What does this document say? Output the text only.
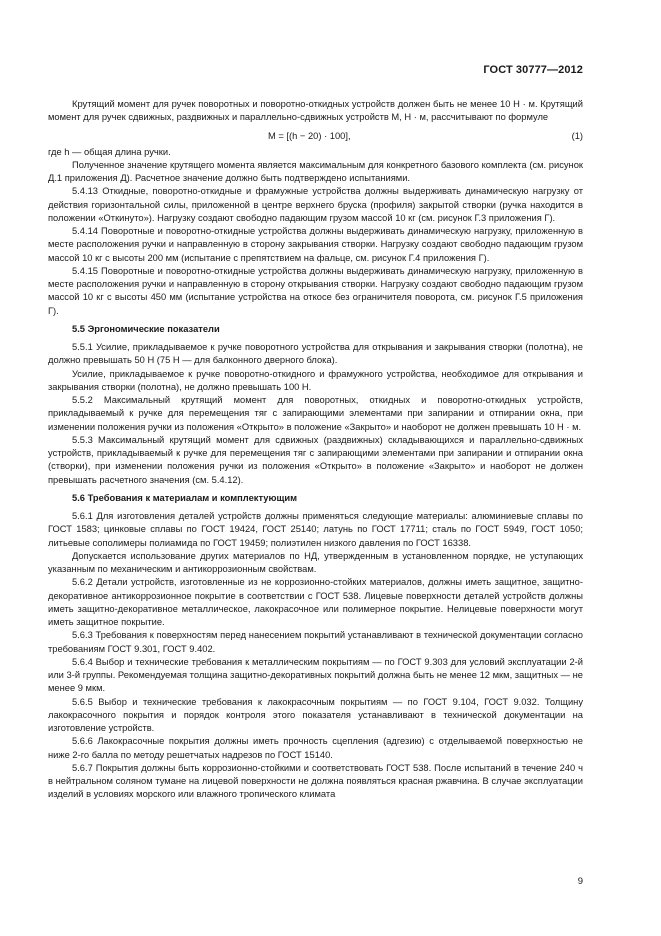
ГОСТ 30777—2012

Крутящий момент для ручек поворотных и поворотно-откидных устройств должен быть не менее 10 Н · м. Крутящий момент для ручек сдвижных, раздвижных и параллельно-сдвижных устройств М, Н · м, рассчитывают по формуле

М = [(h − 20) · 100],	(1)

где h — общая длина ручки.

Полученное значение крутящего момента является максимальным для конкретного базового комплекта (см. рисунок Д.1 приложения Д). Расчетное значение должно быть подтверждено испытаниями.

5.4.13 Откидные, поворотно-откидные и фрамужные устройства должны выдерживать динамическую нагрузку от действия горизонтальной силы, приложенной в центре верхнего бруска (профиля) закрытой створки (ручка находится в положении «Откинуто»). Нагрузку создают свободно падающим грузом массой 10 кг (см. рисунок Г.3 приложения Г).

5.4.14 Поворотные и поворотно-откидные устройства должны выдерживать динамическую нагрузку, приложенную в месте расположения ручки и направленную в сторону закрывания створки. Нагрузку создают свободно падающим грузом массой 10 кг с высоты 200 мм (испытание с препятствием на фальце, см. рисунок Г.4 приложения Г).

5.4.15 Поворотные и поворотно-откидные устройства должны выдерживать динамическую нагрузку, приложенную в месте расположения ручки и направленную в сторону открывания створки. Нагрузку создают свободно падающим грузом массой 10 кг с высоты 450 мм (испытание устройства на откосе без ограничителя поворота, см. рисунок Г.5 приложения Г).

5.5 Эргономические показатели

5.5.1 Усилие, прикладываемое к ручке поворотного устройства для открывания и закрывания створки (полотна), не должно превышать 50 Н (75 Н — для балконного дверного блока).

Усилие, прикладываемое к ручке поворотно-откидного и фрамужного устройства, необходимое для открывания и закрывания створки (полотна), не должно превышать 100 Н.

5.5.2 Максимальный крутящий момент для поворотных, откидных и поворотно-откидных устройств, прикладываемый к ручке для перемещения тяг с запирающими элементами при запирании и отпирании окна, при изменении положения ручки из положения «Открыто» в положение «Закрыто» и наоборот не должен превышать 10 Н · м.

5.5.3 Максимальный крутящий момент для сдвижных (раздвижных) складывающихся и параллельно-сдвижных устройств, прикладываемый к ручке для перемещения тяг с запирающими элементами при запирании и отпирании окна (створки), при изменении положения ручки из положения «Открыто» в положение «Закрыто» и наоборот не должен превышать расчетного значения (см. 5.4.12).

5.6 Требования к материалам и комплектующим

5.6.1 Для изготовления деталей устройств должны применяться следующие материалы: алюминиевые сплавы по ГОСТ 1583; цинковые сплавы по ГОСТ 19424, ГОСТ 25140; латунь по ГОСТ 17711; сталь по ГОСТ 5949, ГОСТ 1050; литьевые сополимеры полиамида по ГОСТ 19459; полиэтилен низкого давления по ГОСТ 16338.

Допускается использование других материалов по НД, утвержденным в установленном порядке, не уступающих указанным по механическим и антикоррозионным свойствам.

5.6.2 Детали устройств, изготовленные из не коррозионно-стойких материалов, должны иметь защитное, защитно-декоративное антикоррозионное покрытие в соответствии с ГОСТ 538. Лицевые поверхности деталей устройств должны иметь защитно-декоративное металлическое, лакокрасочное или полимерное покрытие. Нелицевые поверхности могут иметь защитное покрытие.

5.6.3 Требования к поверхностям перед нанесением покрытий устанавливают в технической документации согласно требованиям ГОСТ 9.301, ГОСТ 9.402.

5.6.4 Выбор и технические требования к металлическим покрытиям — по ГОСТ 9.303 для условий эксплуатации 2-й или 3-й группы. Рекомендуемая толщина защитно-декоративных покрытий должна быть не менее 12 мкм, защитных — не менее 9 мкм.

5.6.5 Выбор и технические требования к лакокрасочным покрытиям — по ГОСТ 9.104, ГОСТ 9.032. Толщину лакокрасочного покрытия и порядок контроля этого показателя устанавливают в технической документации на изготовление устройств.

5.6.6 Лакокрасочные покрытия должны иметь прочность сцепления (адгезию) с отделываемой поверхностью не ниже 2-го балла по методу решетчатых надрезов по ГОСТ 15140.

5.6.7 Покрытия должны быть коррозионно-стойкими и соответствовать ГОСТ 538. После испытаний в течение 240 ч в нейтральном соляном тумане на лицевой поверхности не должна появляться красная ржавчина. В случае эксплуатации изделий в условиях морского или влажного тропического климата

9
